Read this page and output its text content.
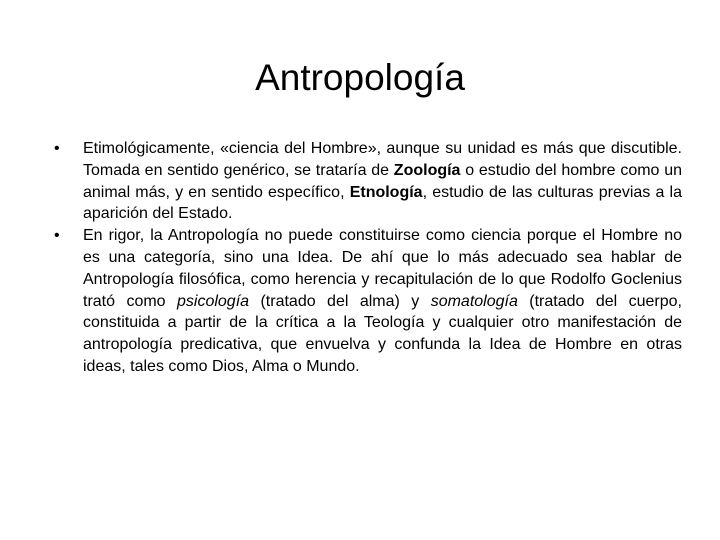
Antropología
•	Etimológicamente, «ciencia del Hombre», aunque su unidad es más que discutible. Tomada en sentido genérico, se trataría de Zoología o estudio del hombre como un animal más, y en sentido específico, Etnología, estudio de las culturas previas a la aparición del Estado.
•	En rigor, la Antropología no puede constituirse como ciencia porque el Hombre no es una categoría, sino una Idea. De ahí que lo más adecuado sea hablar de Antropología filosófica, como herencia y recapitulación de lo que Rodolfo Goclenius trató como psicología (tratado del alma) y somatología (tratado del cuerpo, constituida a partir de la crítica a la Teología y cualquier otro manifestación de antropología predicativa, que envuelva y confunda la Idea de Hombre en otras ideas, tales como Dios, Alma o Mundo.
